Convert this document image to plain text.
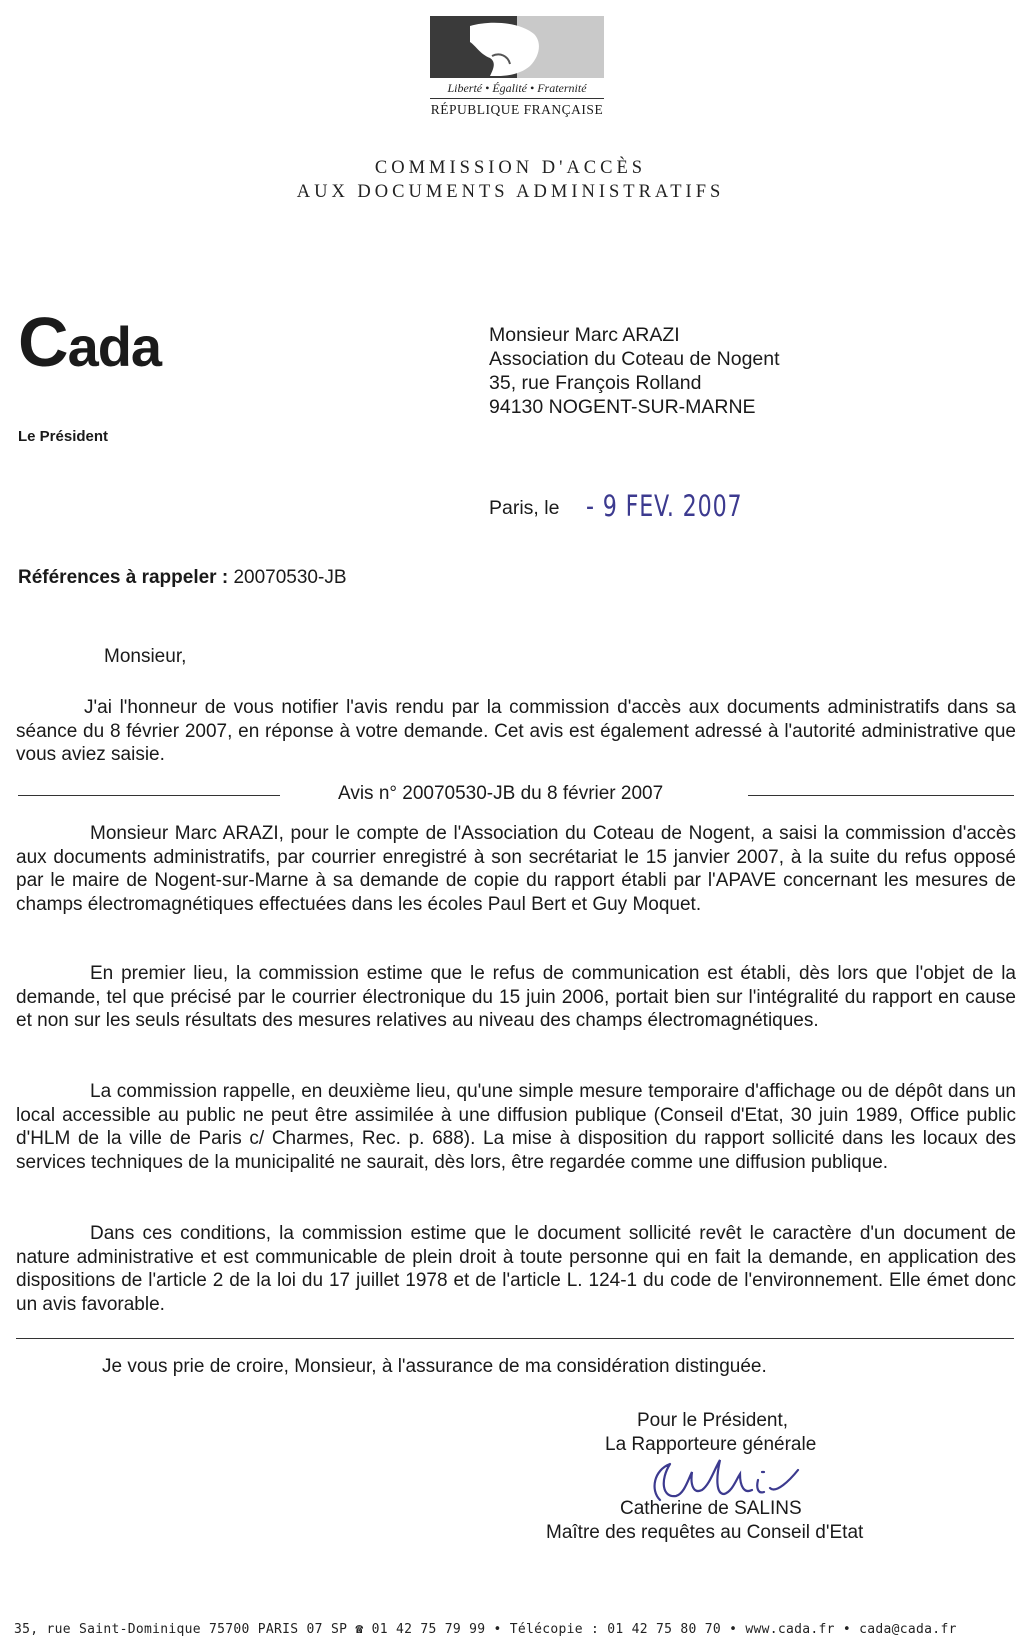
Liberté • Égalité • Fraternité
RÉPUBLIQUE FRANÇAISE
COMMISSION D'ACCÈS
AUX DOCUMENTS ADMINISTRATIFS
Cada
Le Président
Monsieur Marc ARAZI
Association du Coteau de Nogent
35, rue François Rolland
94130 NOGENT-SUR-MARNE
Paris, le - 9 FEV. 2007
Références à rappeler : 20070530-JB
Monsieur,

J'ai l'honneur de vous notifier l'avis rendu par la commission d'accès aux documents administratifs dans sa séance du 8 février 2007, en réponse à votre demande. Cet avis est également adressé à l'autorité administrative que vous aviez saisie.

Avis n° 20070530-JB du 8 février 2007

Monsieur Marc ARAZI, pour le compte de l'Association du Coteau de Nogent, a saisi la commission d'accès aux documents administratifs, par courrier enregistré à son secrétariat le 15 janvier 2007, à la suite du refus opposé par le maire de Nogent-sur-Marne à sa demande de copie du rapport établi par l'APAVE concernant les mesures de champs électromagnétiques effectuées dans les écoles Paul Bert et Guy Moquet.

En premier lieu, la commission estime que le refus de communication est établi, dès lors que l'objet de la demande, tel que précisé par le courrier électronique du 15 juin 2006, portait bien sur l'intégralité du rapport en cause et non sur les seuls résultats des mesures relatives au niveau des champs électromagnétiques.

La commission rappelle, en deuxième lieu, qu'une simple mesure temporaire d'affichage ou de dépôt dans un local accessible au public ne peut être assimilée à une diffusion publique (Conseil d'Etat, 30 juin 1989, Office public d'HLM de la ville de Paris c/ Charmes, Rec. p. 688). La mise à disposition du rapport sollicité dans les locaux des services techniques de la municipalité ne saurait, dès lors, être regardée comme une diffusion publique.

Dans ces conditions, la commission estime que le document sollicité revêt le caractère d'un document de nature administrative et est communicable de plein droit à toute personne qui en fait la demande, en application des dispositions de l'article 2 de la loi du 17 juillet 1978 et de l'article L. 124-1 du code de l'environnement. Elle émet donc un avis favorable.

Je vous prie de croire, Monsieur, à l'assurance de ma considération distinguée.
Pour le Président,
La Rapporteure générale
Catherine de SALINS
Maître des requêtes au Conseil d'Etat
35, rue Saint-Dominique 75700 PARIS 07 SP ☎ 01 42 75 79 99 • Télécopie : 01 42 75 80 70 • www.cada.fr • cada@cada.fr
